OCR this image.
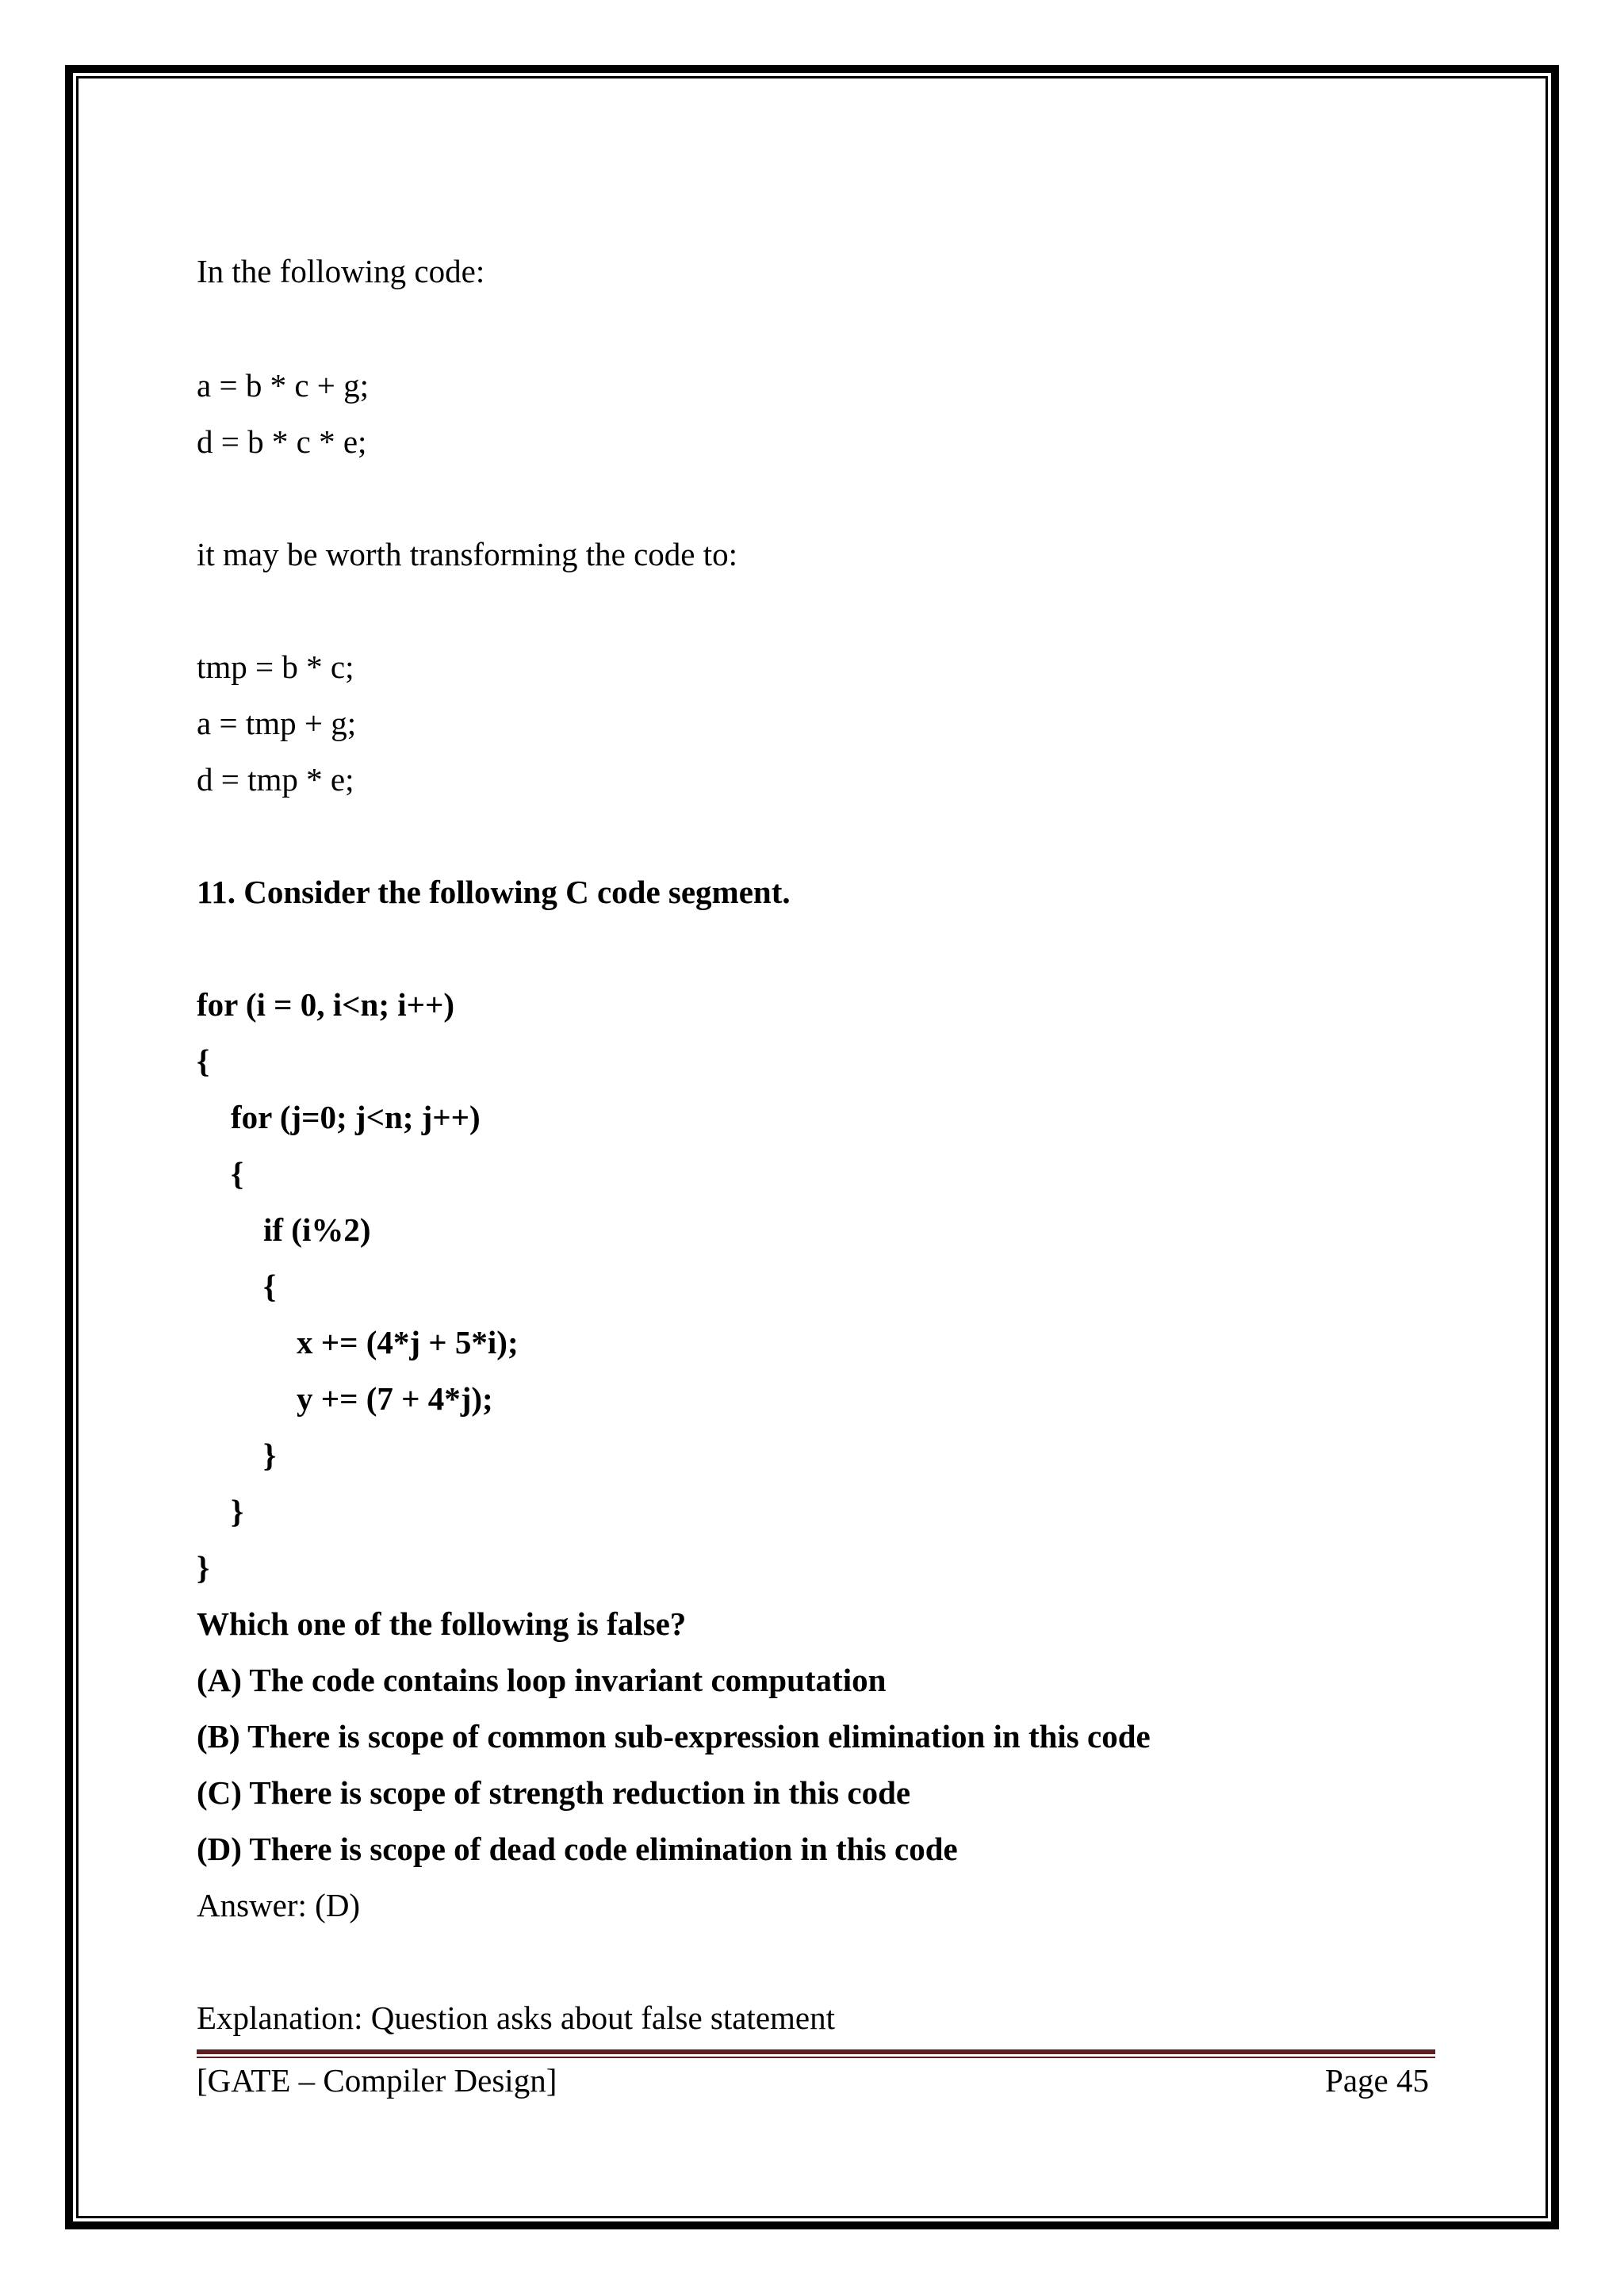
In the following code:
a = b * c + g;
d = b * c * e;
it may be worth transforming the code to:
tmp = b * c;
a = tmp + g;
d = tmp * e;
11. Consider the following C code segment.
for (i = 0, i<n; i++)
{
for (j=0; j<n; j++)
{
if (i%2)
{
x += (4*j + 5*i);
y += (7 + 4*j);
}
}
}
Which one of the following is false?
(A) The code contains loop invariant computation
(B) There is scope of common sub-expression elimination in this code
(C) There is scope of strength reduction in this code
(D) There is scope of dead code elimination in this code
Answer: (D)
Explanation: Question asks about false statement
[GATE – Compiler Design]	Page 45
